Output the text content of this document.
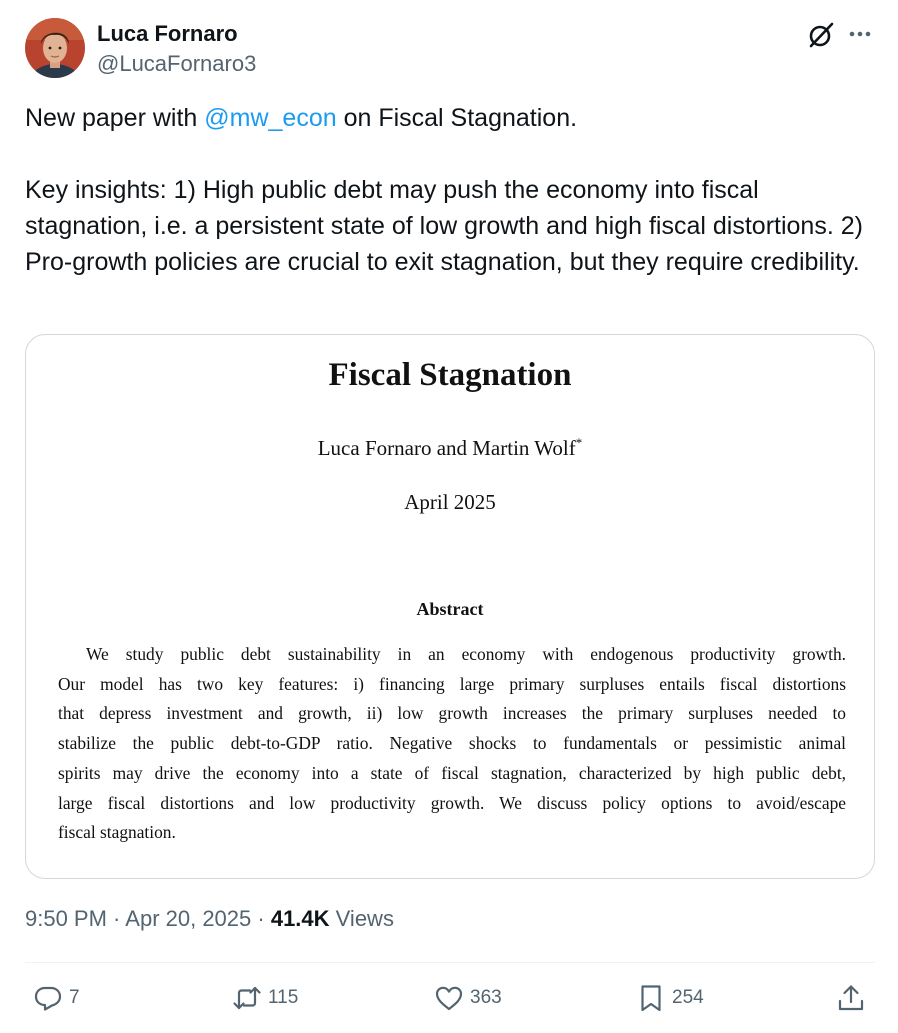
Luca Fornaro
@LucaFornaro3

New paper with @mw_econ on Fiscal Stagnation.

Key insights: 1) High public debt may push the economy into fiscal stagnation, i.e. a persistent state of low growth and high fiscal distortions. 2) Pro-growth policies are crucial to exit stagnation, but they require credibility.

Fiscal Stagnation
Luca Fornaro and Martin Wolf*
April 2025
Abstract
We study public debt sustainability in an economy with endogenous productivity growth.
Our model has two key features: i) financing large primary surpluses entails fiscal distortions
that depress investment and growth, ii) low growth increases the primary surpluses needed to
stabilize the public debt-to-GDP ratio. Negative shocks to fundamentals or pessimistic animal
spirits may drive the economy into a state of fiscal stagnation, characterized by high public debt,
large fiscal distortions and low productivity growth. We discuss policy options to avoid/escape
fiscal stagnation.
9:50 PM · Apr 20, 2025 · 41.4K Views
7	115	363	254
